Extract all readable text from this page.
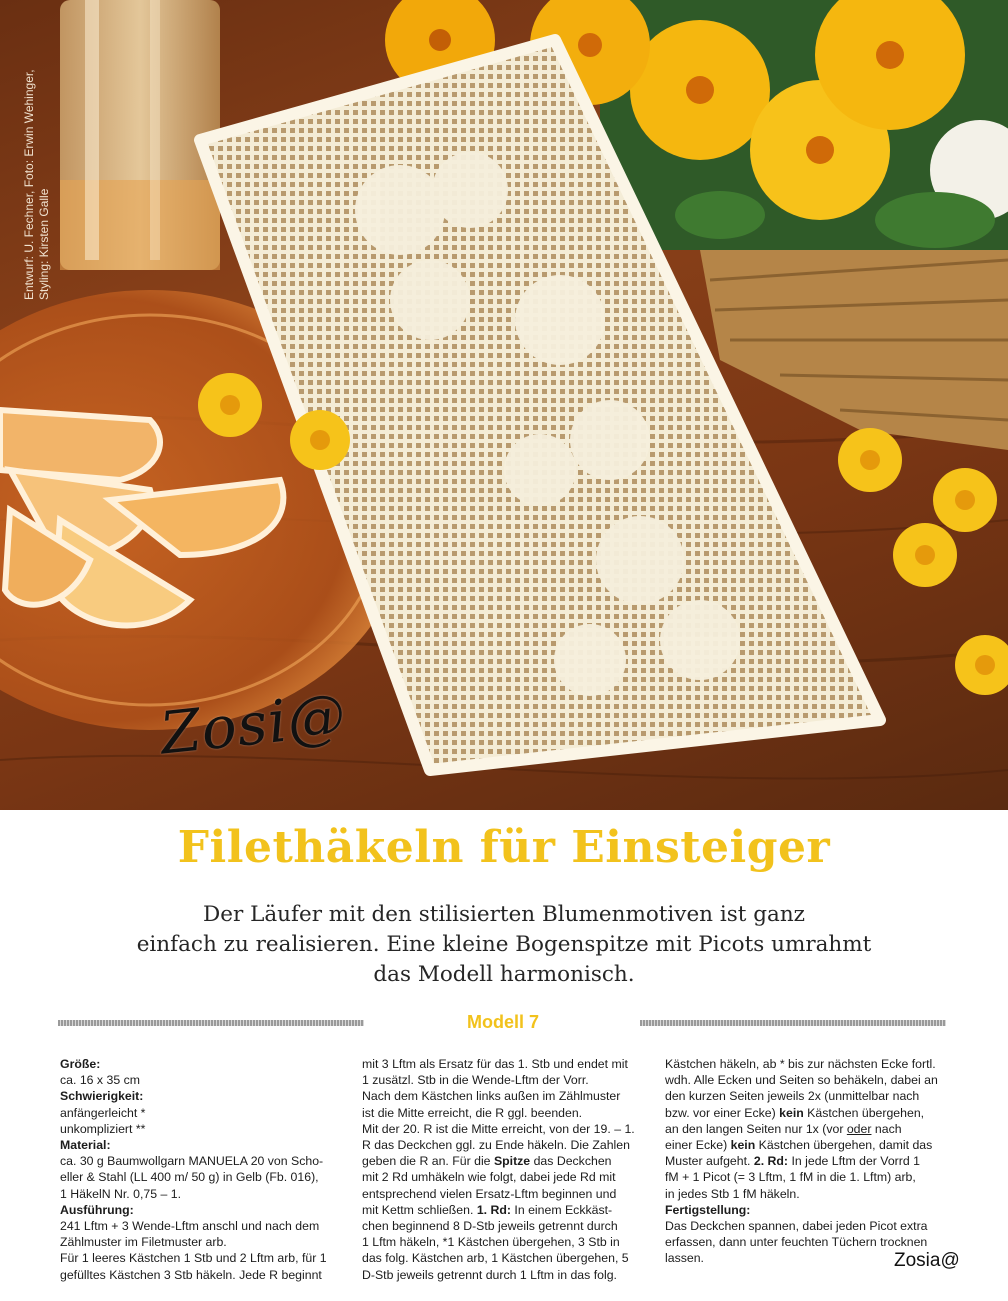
Entwurf: U. Fechner, Foto: Erwin Wehinger, Styling: Kirsten Galle
Zosi@
Filethäkeln für Einsteiger
Der Läufer mit den stilisierten Blumenmotiven ist ganz
einfach zu realisieren. Eine kleine Bogenspitze mit Picots umrahmt
das Modell harmonisch.
Modell 7

Größe:

ca. 16 x 35 cm

Schwierigkeit:

anfängerleicht *

unkompliziert **

Material:

ca. 30 g Baumwollgarn MANUELA 20 von Scho-

eller & Stahl (LL 400 m/ 50 g) in Gelb (Fb. 016),

1 HäkelN Nr. 0,75 – 1.

Ausführung:

241 Lftm + 3 Wende-Lftm anschl und nach dem

Zählmuster im Filetmuster arb.

Für 1 leeres Kästchen 1 Stb und 2 Lftm arb, für 1

gefülltes Kästchen 3 Stb häkeln. Jede R beginnt

mit 3 Lftm als Ersatz für das 1. Stb und endet mit

1 zusätzl. Stb in die Wende-Lftm der Vorr.

Nach dem Kästchen links außen im Zählmuster

ist die Mitte erreicht, die R ggl. beenden.

Mit der 20. R ist die Mitte erreicht, von der 19. – 1.

R das Deckchen ggl. zu Ende häkeln. Die Zahlen

geben die R an. Für die Spitze das Deckchen

mit 2 Rd umhäkeln wie folgt, dabei jede Rd mit

entsprechend vielen Ersatz-Lftm beginnen und

mit Kettm schließen. 1. Rd: In einem Eckkäst-

chen beginnend 8 D-Stb jeweils getrennt durch

1 Lftm häkeln, *1 Kästchen übergehen, 3 Stb in

das folg. Kästchen arb, 1 Kästchen übergehen, 5

D-Stb jeweils getrennt durch 1 Lftm in das folg.

Kästchen häkeln, ab * bis zur nächsten Ecke fortl.

wdh. Alle Ecken und Seiten so behäkeln, dabei an

den kurzen Seiten jeweils 2x (unmittelbar nach

bzw. vor einer Ecke) kein Kästchen übergehen,

an den langen Seiten nur 1x (vor oder nach

einer Ecke) kein Kästchen übergehen, damit das

Muster aufgeht. 2. Rd: In jede Lftm der Vorrd 1

fM + 1 Picot (= 3 Lftm, 1 fM in die 1. Lftm) arb,

in jedes Stb 1 fM häkeln.

Fertigstellung:

Das Deckchen spannen, dabei jeden Picot extra

erfassen, dann unter feuchten Tüchern trocknen

lassen.	Zosia@
